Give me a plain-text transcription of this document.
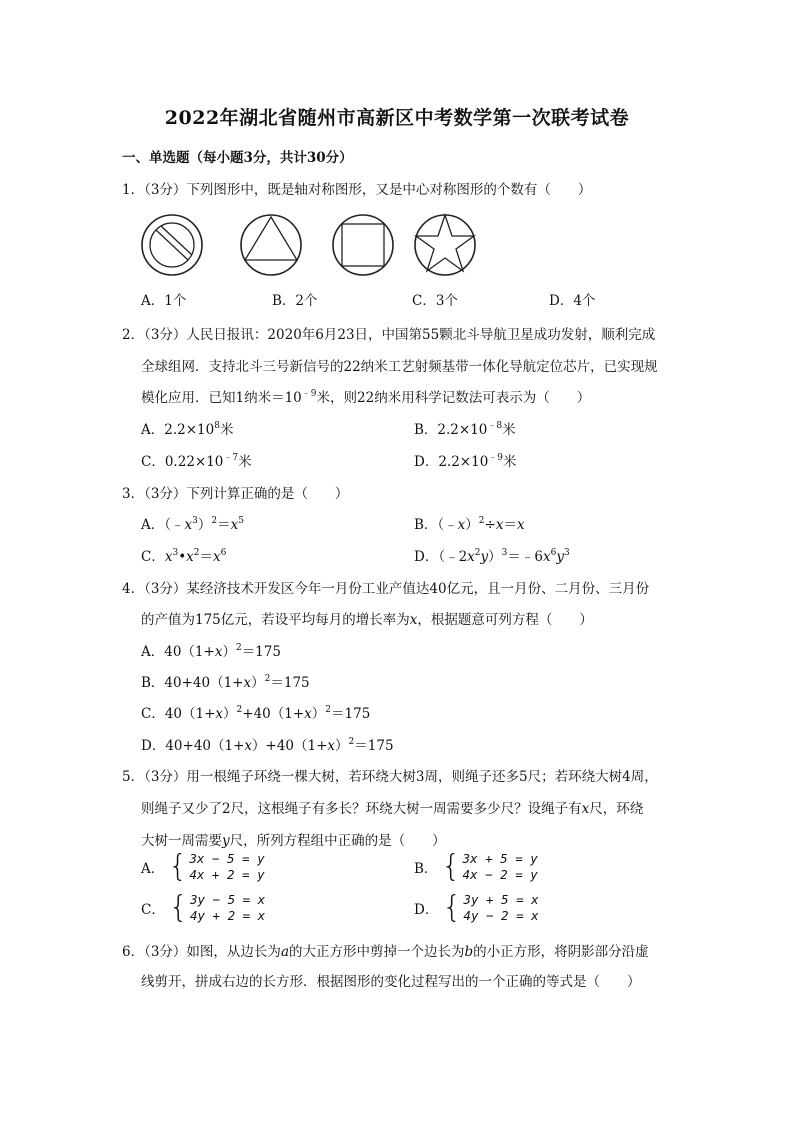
2022年湖北省随州市高新区中考数学第一次联考试卷
一、单选题（每小题3分，共计30分）
1．（3分）下列图形中，既是轴对称图形，又是中心对称图形的个数有（　　）
A．1个	B．2个	C．3个	D．4个
2．（3分）人民日报讯：2020年6月23日，中国第55颗北斗导航卫星成功发射，顺利完成
全球组网．支持北斗三号新信号的22纳米工艺射频基带一体化导航定位芯片，已实现规
模化应用．已知1纳米$=10^{﹣9}$米，则22纳米用科学记数法可表示为（　　）
A．$2.2\times 10^8$米	B．$2.2\times 10^{﹣8}$米
C．$0.22\times 10^{﹣7}$米	D．$2.2\times 10^{﹣9}$米
3．（3分）下列计算正确的是（　　）
A．$(﹣x^3)^2=x^5$	B．（﹣x）$^2$÷x＝x
C．$x^3•x^2=x^6$	D．$(﹣2x^2y)^3=﹣6x^6y^3$
4．（3分）某经济技术开发区今年一月份工业产值达40亿元，且一月份、二月份、三月份
的产值为175亿元，若设平均每月的增长率为x，根据题意可列方程（　　）
A．$40(1+x)^2=175$
B．$40+40(1+x)^2=175$
C．$40(1+x)^2+40(1+x)^2=175$
D．$40+40(1+x)+40(1+x)^2=175$
5．（3分）用一根绳子环绕一棵大树，若环绕大树3周，则绳子还多5尺；若环绕大树4周，
则绳子又少了2尺，这根绳子有多长？环绕大树一周需要多少尺？设绳子有x尺，环绕
大树一周需要y尺，所列方程组中正确的是（　　）
A． { 3x − 5 = y
4x + 2 = y	B． { 3x + 5 = y
4x − 2 = y
C． { 3y − 5 = x
4y + 2 = x	D． { 3y + 5 = x
4y − 2 = x
6．（3分）如图，从边长为a的大正方形中剪掉一个边长为b的小正方形，将阴影部分沿虚
线剪开，拼成右边的长方形．根据图形的变化过程写出的一个正确的等式是（　　）
